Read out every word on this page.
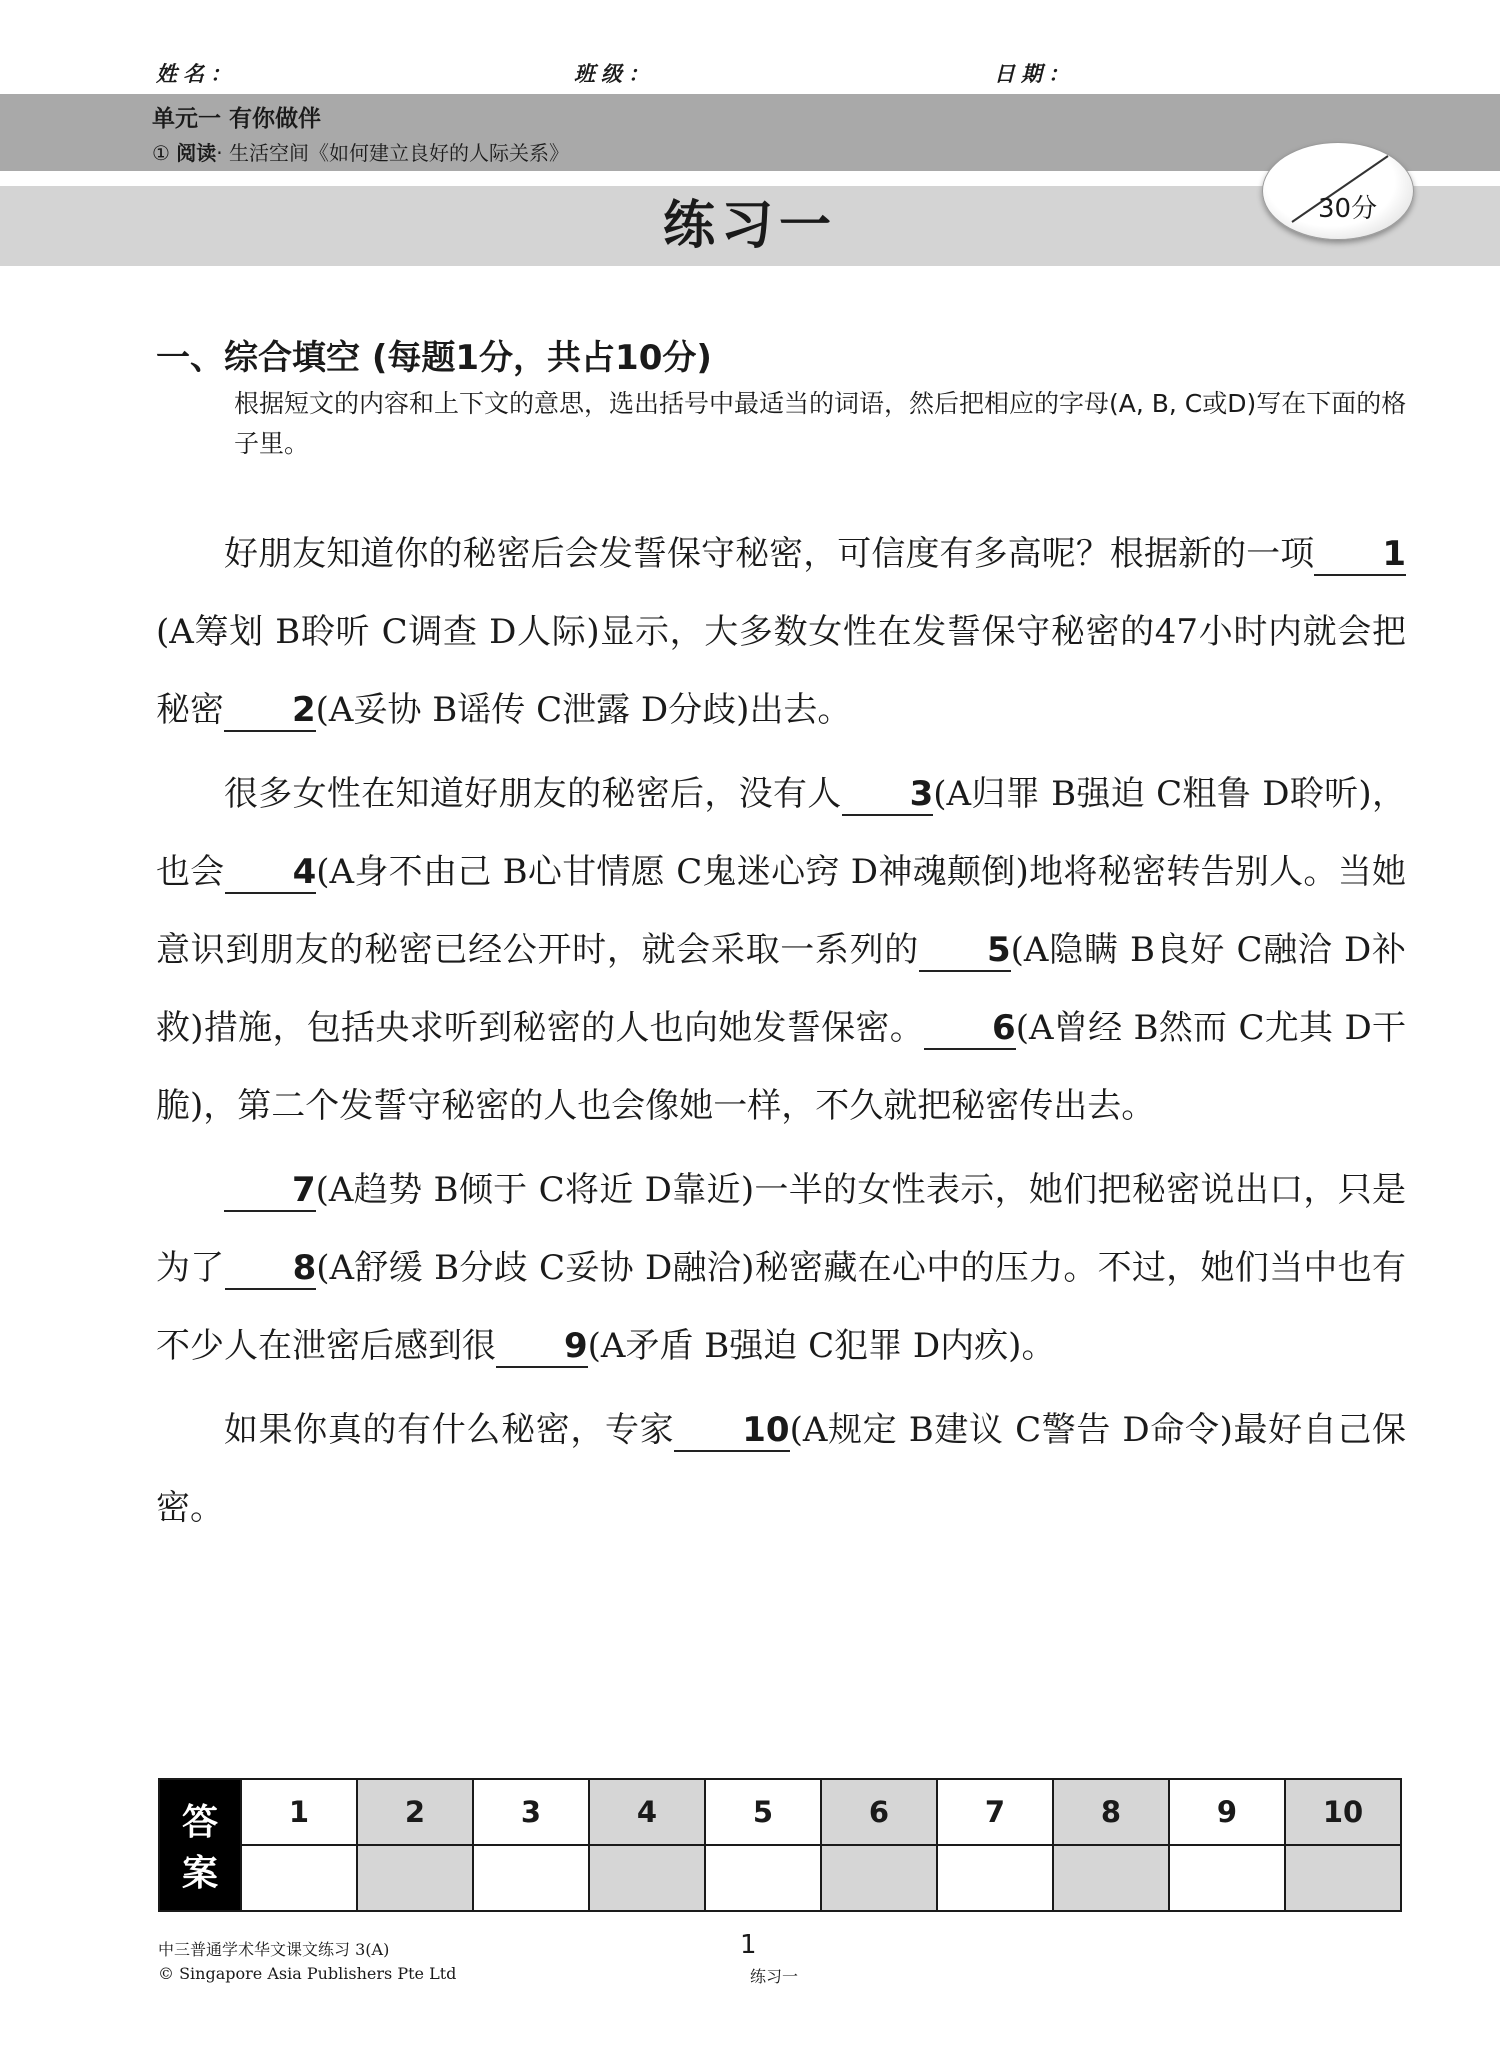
姓名：	班级：	日期：
单元一 有你做伴
① 阅读· 生活空间《如何建立良好的人际关系》
练习一	30分
一、综合填空 (每题1分，共占10分)
根据短文的内容和上下文的意思，选出括号中最适当的词语，然后把相应的字母(A, B, C或D)写在下面的格子里。

好朋友知道你的秘密后会发誓保守秘密，可信度有多高呢？根据新的一项 1(A筹划 B聆听 C调查 D人际)显示，大多数女性在发誓保守秘密的47小时内就会把秘密 2(A妥协 B谣传 C泄露 D分歧)出去。

很多女性在知道好朋友的秘密后，没有人 3(A归罪 B强迫 C粗鲁 D聆听)，也会 4(A身不由己 B心甘情愿 C鬼迷心窍 D神魂颠倒)地将秘密转告别人。当她意识到朋友的秘密已经公开时，就会采取一系列的 5(A隐瞒 B良好 C融洽 D补救)措施，包括央求听到秘密的人也向她发誓保密。 6(A曾经 B然而 C尤其 D干脆)，第二个发誓守秘密的人也会像她一样，不久就把秘密传出去。

7(A趋势 B倾于 C将近 D靠近)一半的女性表示，她们把秘密说出口，只是为了 8(A舒缓 B分歧 C妥协 D融洽)秘密藏在心中的压力。不过，她们当中也有不少人在泄密后感到很 9(A矛盾 B强迫 C犯罪 D内疚)。

如果你真的有什么秘密，专家 10(A规定 B建议 C警告 D命令)最好自己保密。

答
案	1	2	3	4	5	6	7	8	9	10

中三普通学术华文课文练习 3(A)
© Singapore Asia Publishers Pte Ltd
1
练习一
